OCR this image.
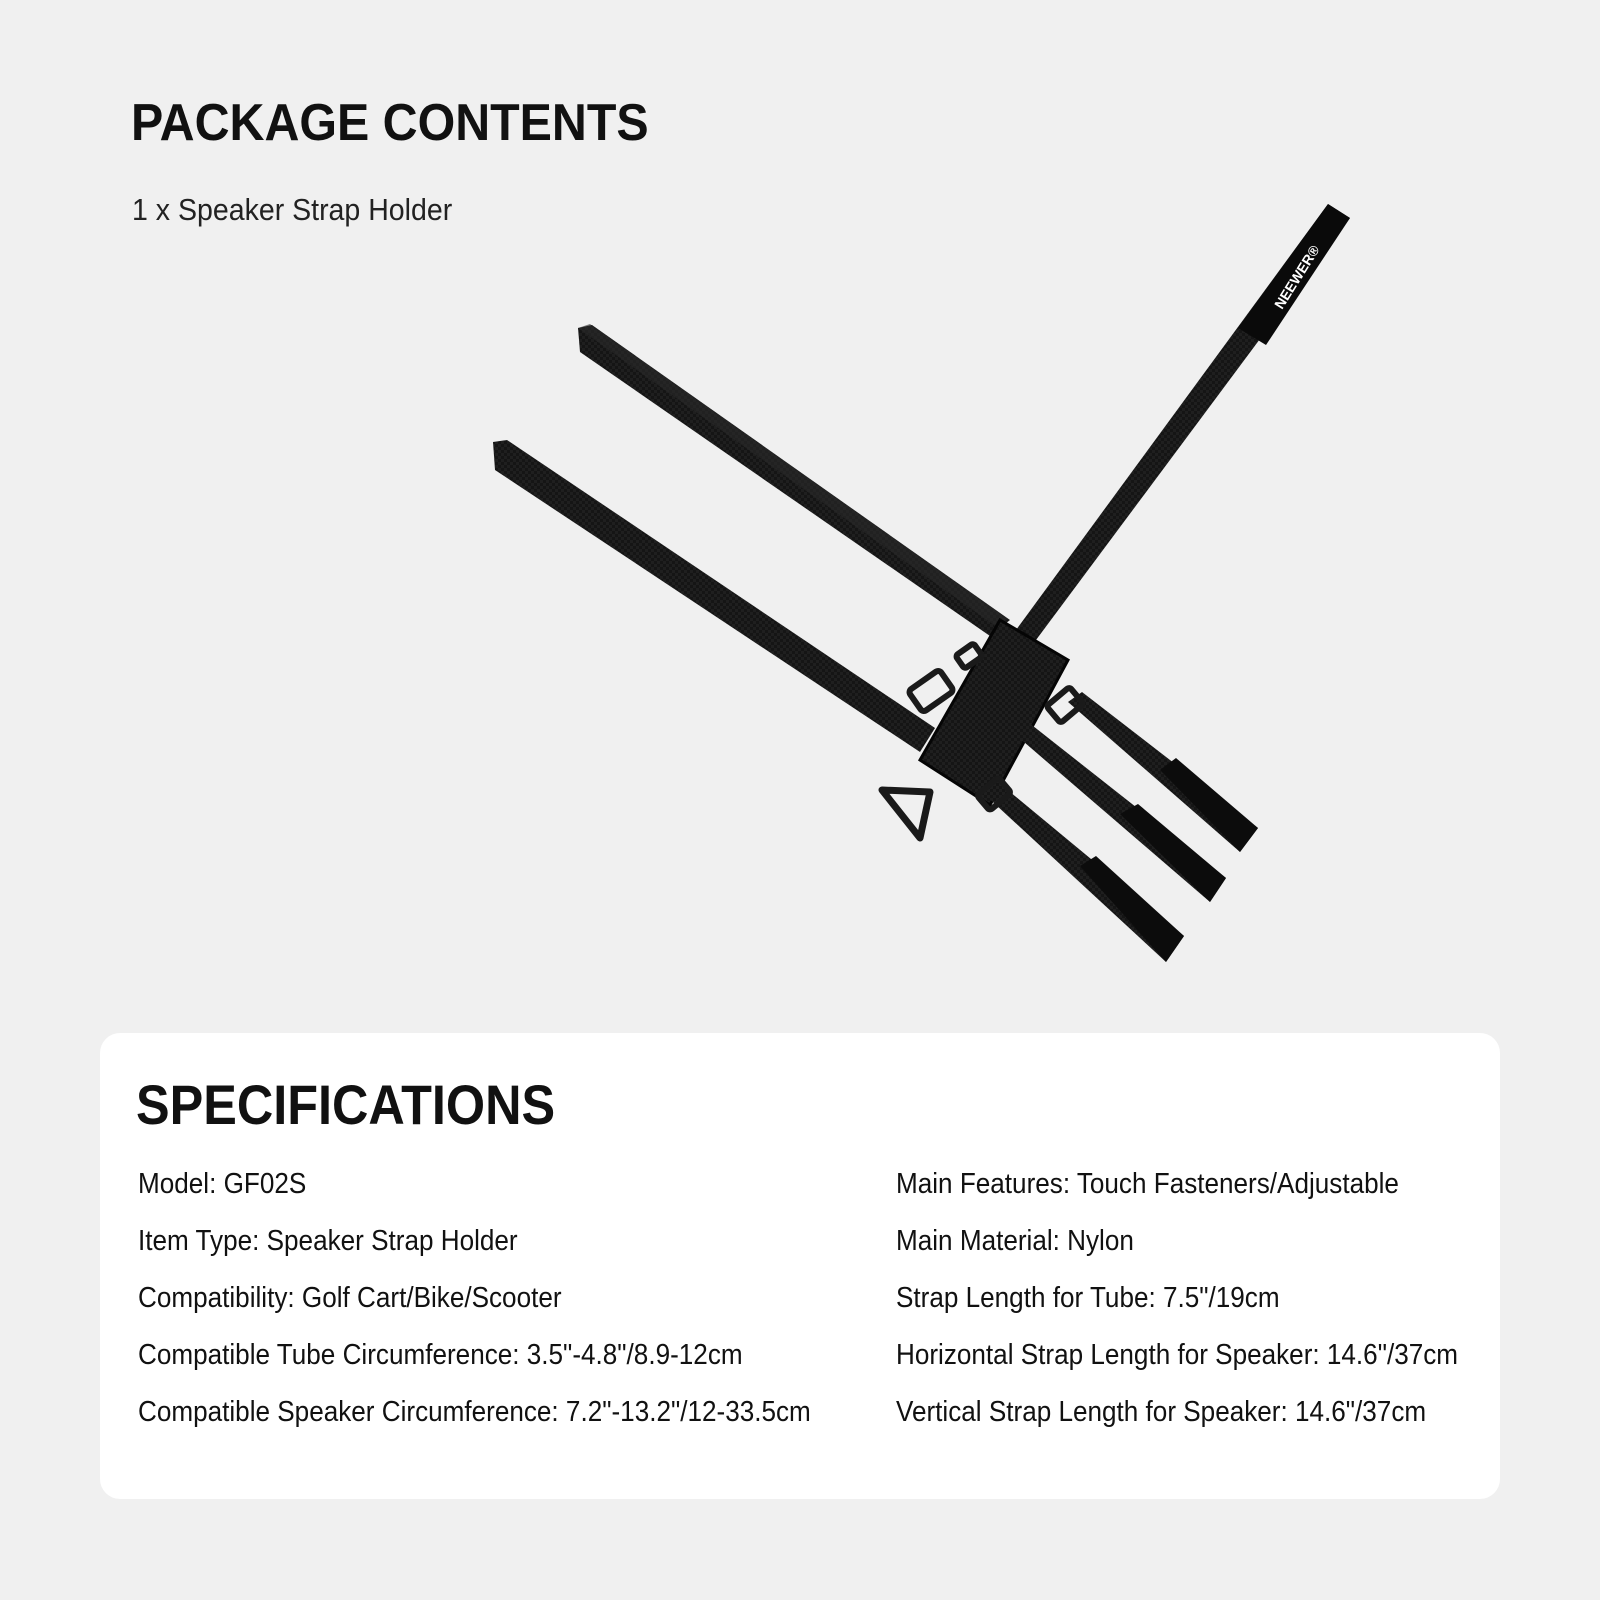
PACKAGE CONTENTS

1 x Speaker Strap Holder

NEEWER®
SPECIFICATIONS
Model: GF02S
Item Type: Speaker Strap Holder
Compatibility: Golf Cart/Bike/Scooter
Compatible Tube Circumference: 3.5"-4.8"/8.9-12cm
Compatible Speaker Circumference: 7.2"-13.2"/12-33.5cm
Main Features: Touch Fasteners/Adjustable
Main Material: Nylon
Strap Length for Tube: 7.5"/19cm
Horizontal Strap Length for Speaker: 14.6"/37cm
Vertical Strap Length for Speaker: 14.6"/37cm
